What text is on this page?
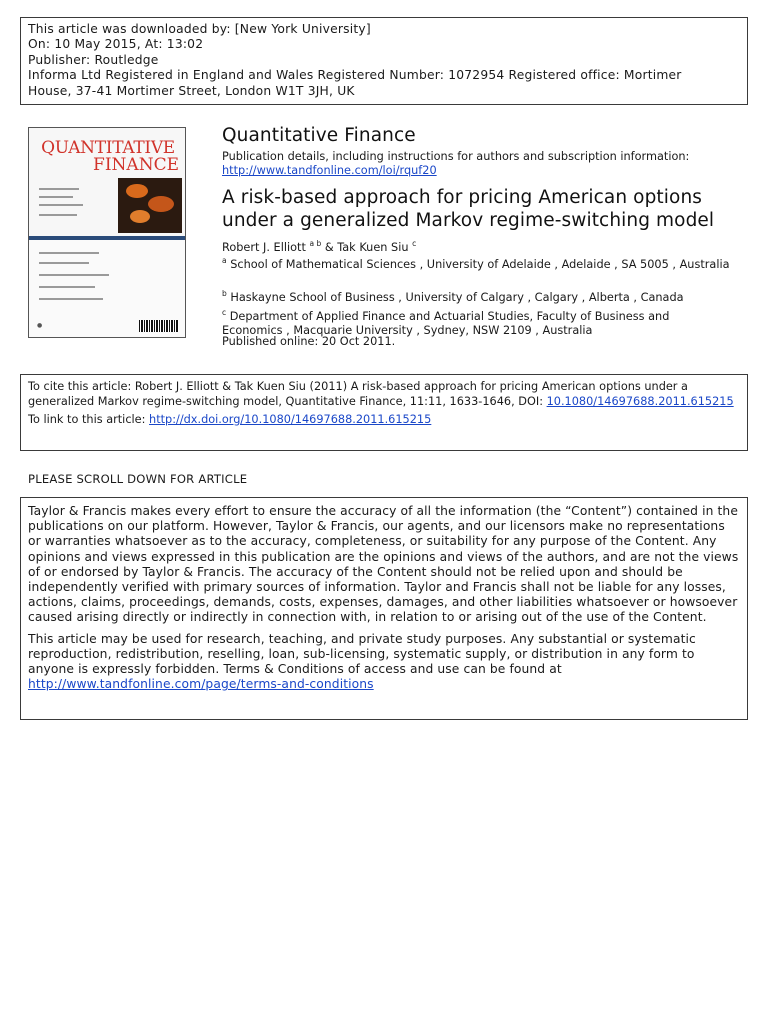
This article was downloaded by: [New York University]
On: 10 May 2015, At: 13:02
Publisher: Routledge
Informa Ltd Registered in England and Wales Registered Number: 1072954 Registered office: Mortimer
House, 37-41 Mortimer Street, London W1T 3JH, UK
QUANTITATIVE
FINANCE
●
Quantitative Finance
Publication details, including instructions for authors and subscription information:
http://www.tandfonline.com/loi/rquf20
A risk-based approach for pricing American options
under a generalized Markov regime-switching model
Robert J. Elliott $^{a b}$ & Tak Kuen Siu $^c$
$^a$ School of Mathematical Sciences , University of Adelaide , Adelaide , SA 5005 , Australia
$^b$ Haskayne School of Business , University of Calgary , Calgary , Alberta , Canada
$^c$ Department of Applied Finance and Actuarial Studies, Faculty of Business and Economics , Macquarie University , Sydney, NSW 2109 , Australia
Published online: 20 Oct 2011.
To cite this article: Robert J. Elliott & Tak Kuen Siu (2011) A risk-based approach for pricing American options under a generalized Markov regime-switching model, Quantitative Finance, 11:11, 1633-1646, DOI: 10.1080/14697688.2011.615215
To link to this article: http://dx.doi.org/10.1080/14697688.2011.615215
PLEASE SCROLL DOWN FOR ARTICLE

Taylor & Francis makes every effort to ensure the accuracy of all the information (the “Content”) contained in the publications on our platform. However, Taylor & Francis, our agents, and our licensors make no representations or warranties whatsoever as to the accuracy, completeness, or suitability for any purpose of the Content. Any opinions and views expressed in this publication are the opinions and views of the authors, and are not the views of or endorsed by Taylor & Francis. The accuracy of the Content should not be relied upon and should be independently verified with primary sources of information. Taylor and Francis shall not be liable for any losses, actions, claims, proceedings, demands, costs, expenses, damages, and other liabilities whatsoever or howsoever caused arising directly or indirectly in connection with, in relation to or arising out of the use of the Content.

This article may be used for research, teaching, and private study purposes. Any substantial or systematic reproduction, redistribution, reselling, loan, sub-licensing, systematic supply, or distribution in any form to anyone is expressly forbidden. Terms & Conditions of access and use can be found at http://www.tandfonline.com/page/terms-and-conditions
